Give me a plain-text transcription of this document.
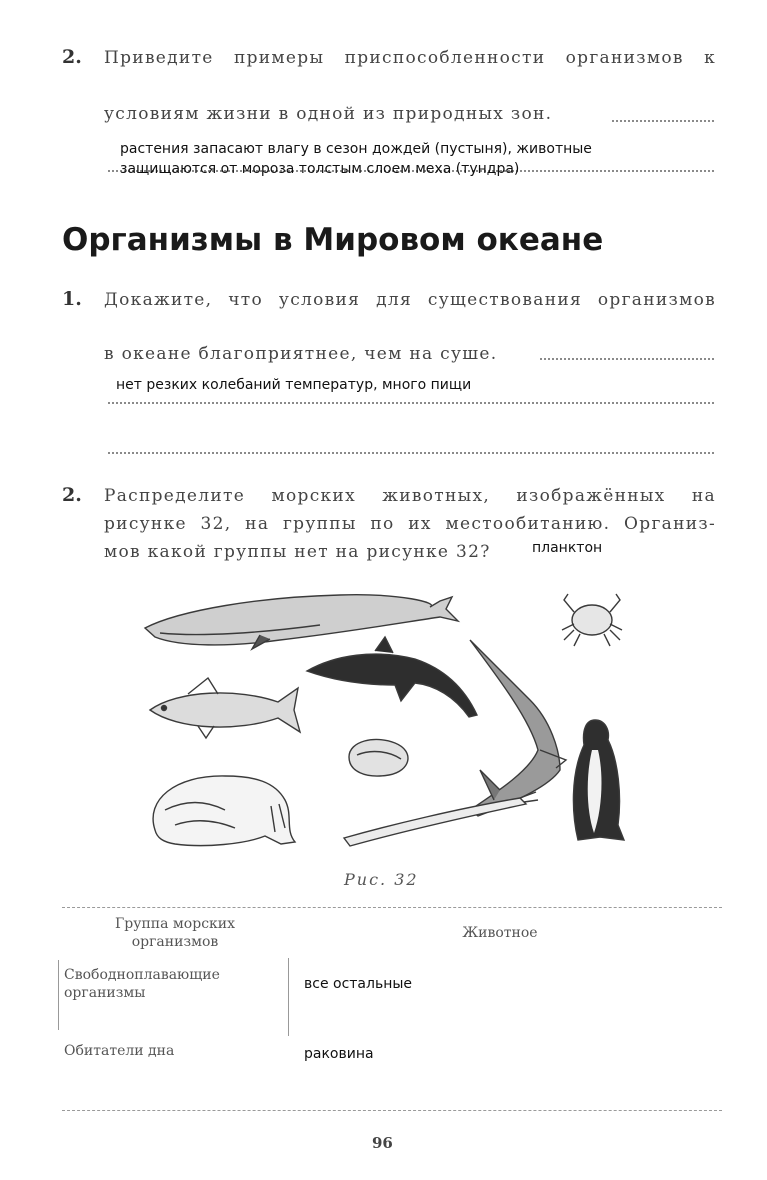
2. Приведите примеры приспособленности организмов к
условиям жизни в одной из природных зон.
растения запасают влагу в сезон дождей (пустыня), животные
защищаются от мороза толстым слоем меха (тундра)
Организмы в Мировом океане
1. Докажите, что условия для существования организмов
в океане благоприятнее, чем на суше.
нет резких колебаний температур, много пищи
2. Распределите морских животных, изображённых на
рисунке 32, на группы по их местообитанию. Организ-
мов какой группы нет на рисунке 32?	планктон
Рис. 32
Группа морских организмов
Животное
Свободноплавающие организмы
все остальные
Обитатели дна	раковина
96
